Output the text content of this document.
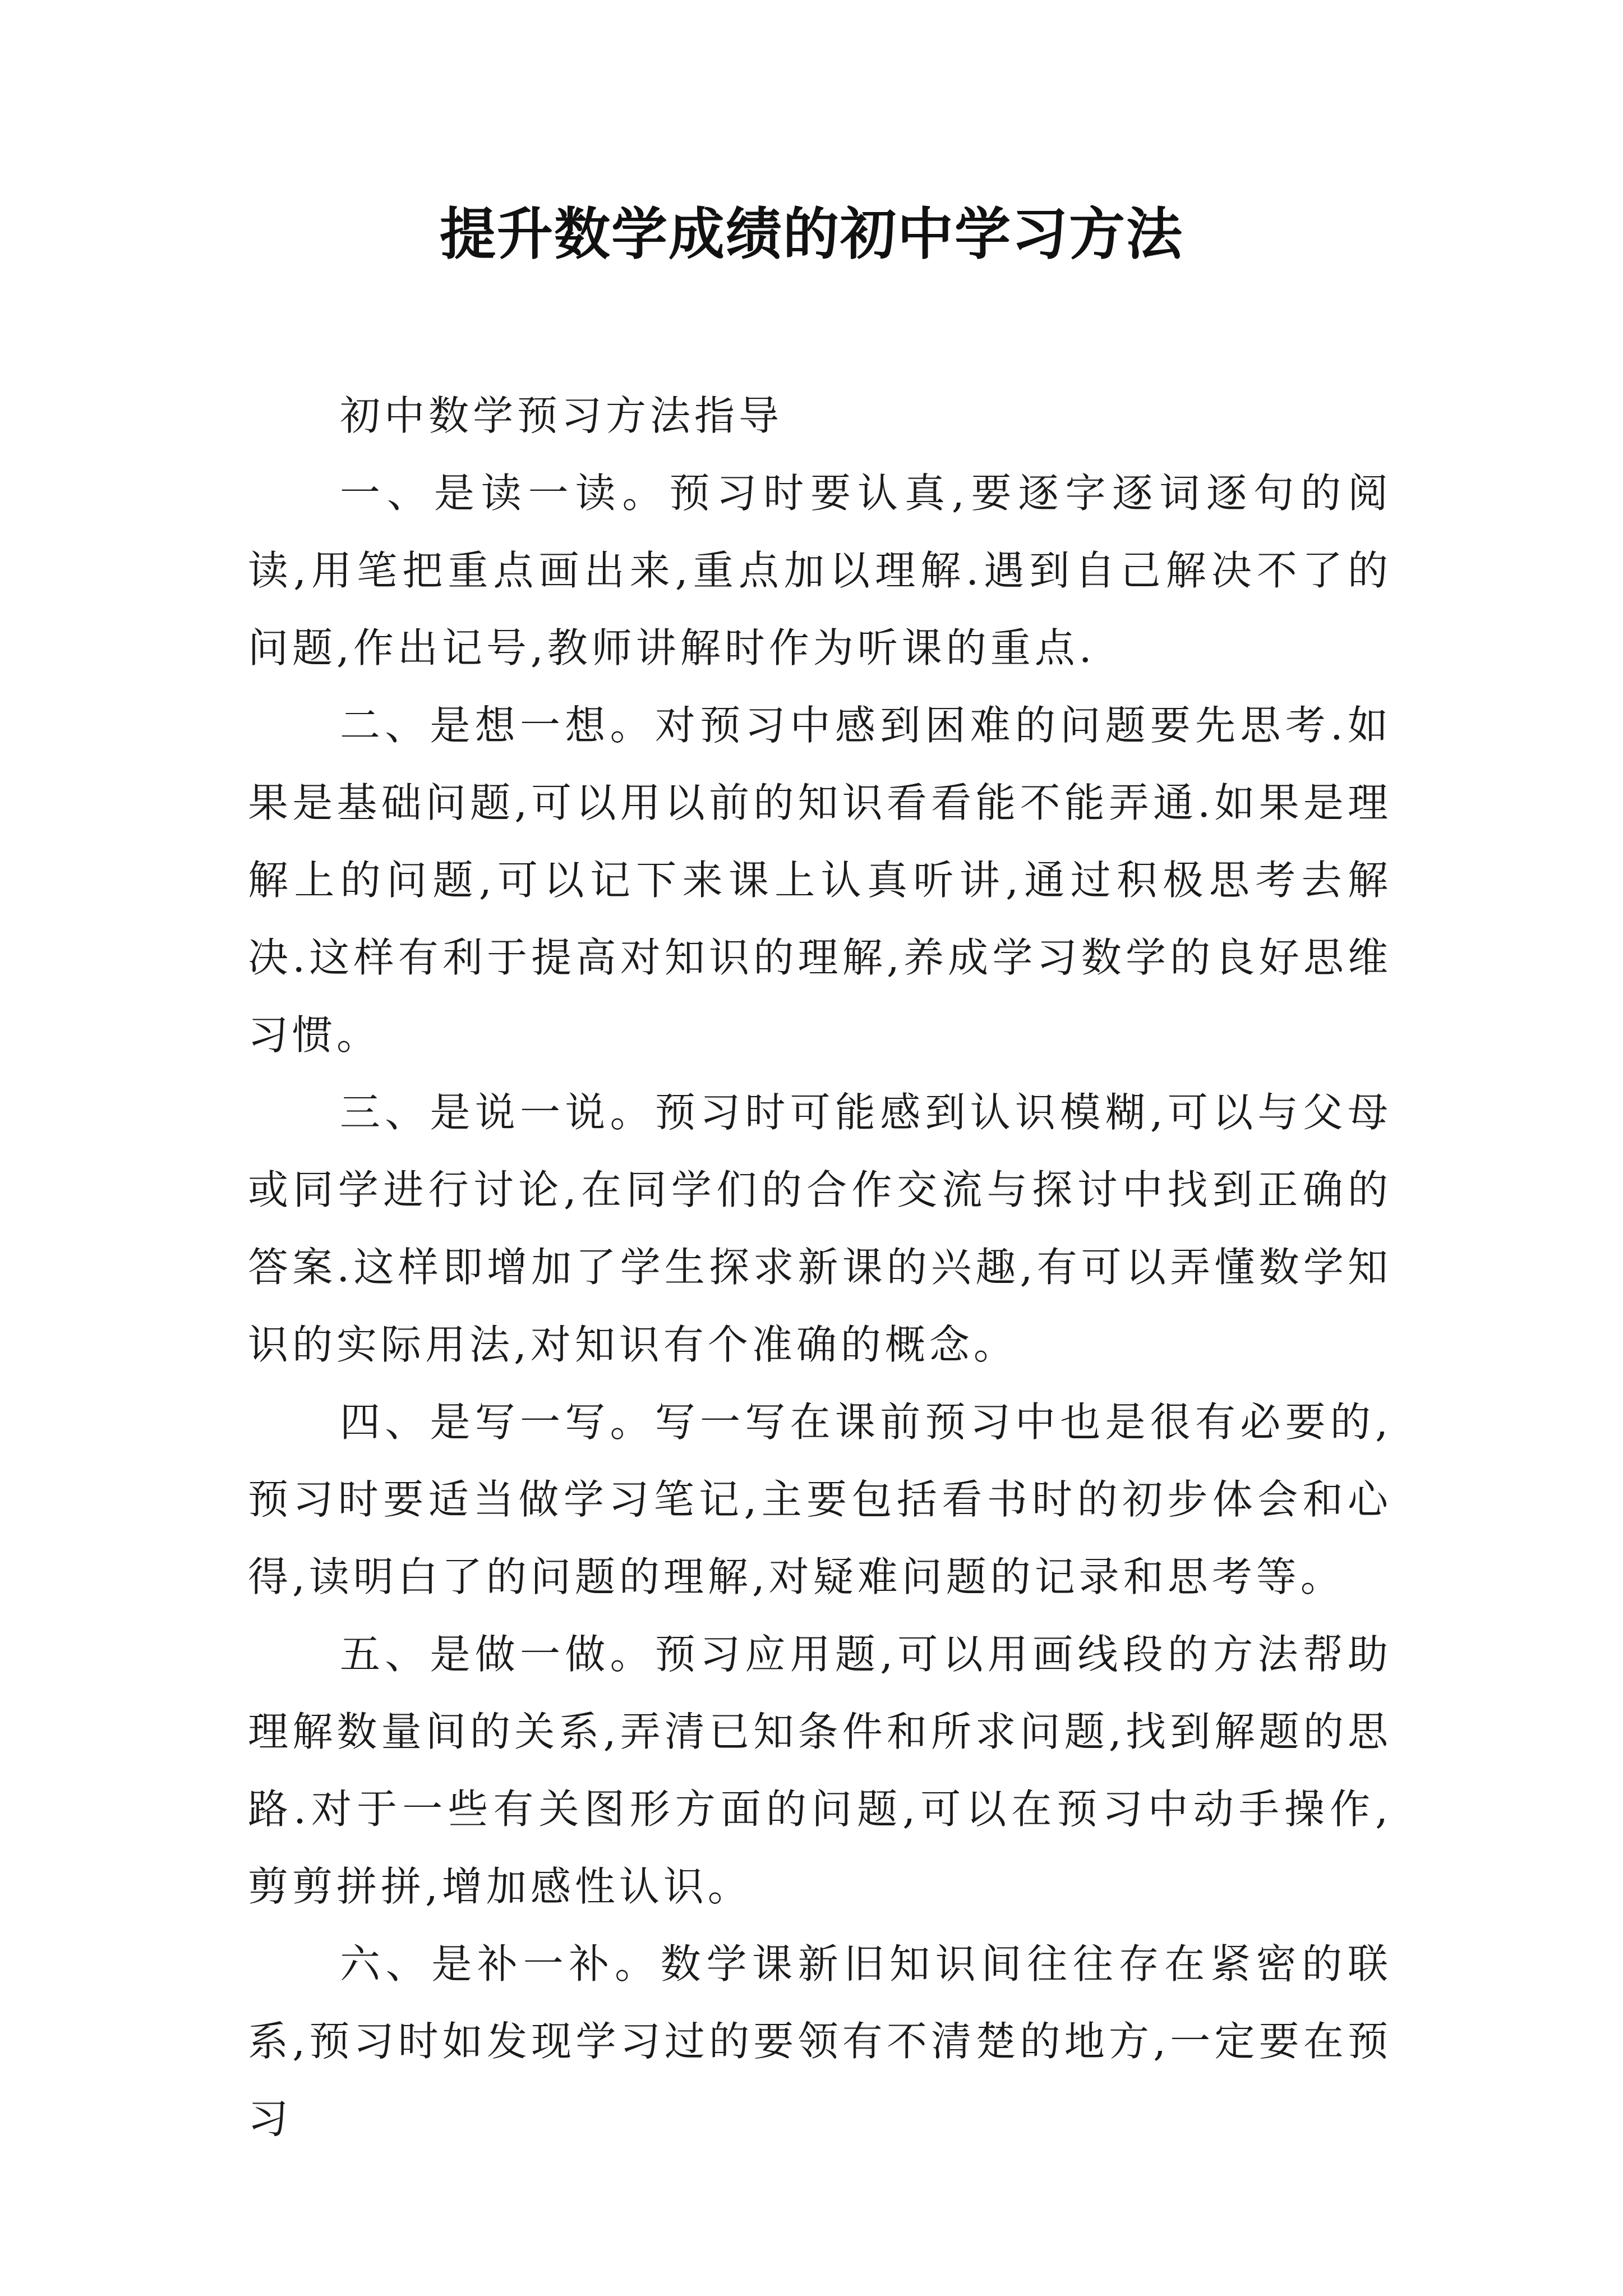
提升数学成绩的初中学习方法

初中数学预习方法指导

一、是读一读。预习时要认真,要逐字逐词逐句的阅读,用笔把重点画出来,重点加以理解.遇到自己解决不了的问题,作出记号,教师讲解时作为听课的重点.

二、是想一想。对预习中感到困难的问题要先思考.如果是基础问题,可以用以前的知识看看能不能弄通.如果是理解上的问题,可以记下来课上认真听讲,通过积极思考去解决.这样有利于提高对知识的理解,养成学习数学的良好思维习惯。

三、是说一说。预习时可能感到认识模糊,可以与父母或同学进行讨论,在同学们的合作交流与探讨中找到正确的答案.这样即增加了学生探求新课的兴趣,有可以弄懂数学知识的实际用法,对知识有个准确的概念。

四、是写一写。写一写在课前预习中也是很有必要的,预习时要适当做学习笔记,主要包括看书时的初步体会和心得,读明白了的问题的理解,对疑难问题的记录和思考等。

五、是做一做。预习应用题,可以用画线段的方法帮助理解数量间的关系,弄清已知条件和所求问题,找到解题的思路.对于一些有关图形方面的问题,可以在预习中动手操作,剪剪拼拼,增加感性认识。

六、是补一补。数学课新旧知识间往往存在紧密的联系,预习时如发现学习过的要领有不清楚的地方,一定要在预习
